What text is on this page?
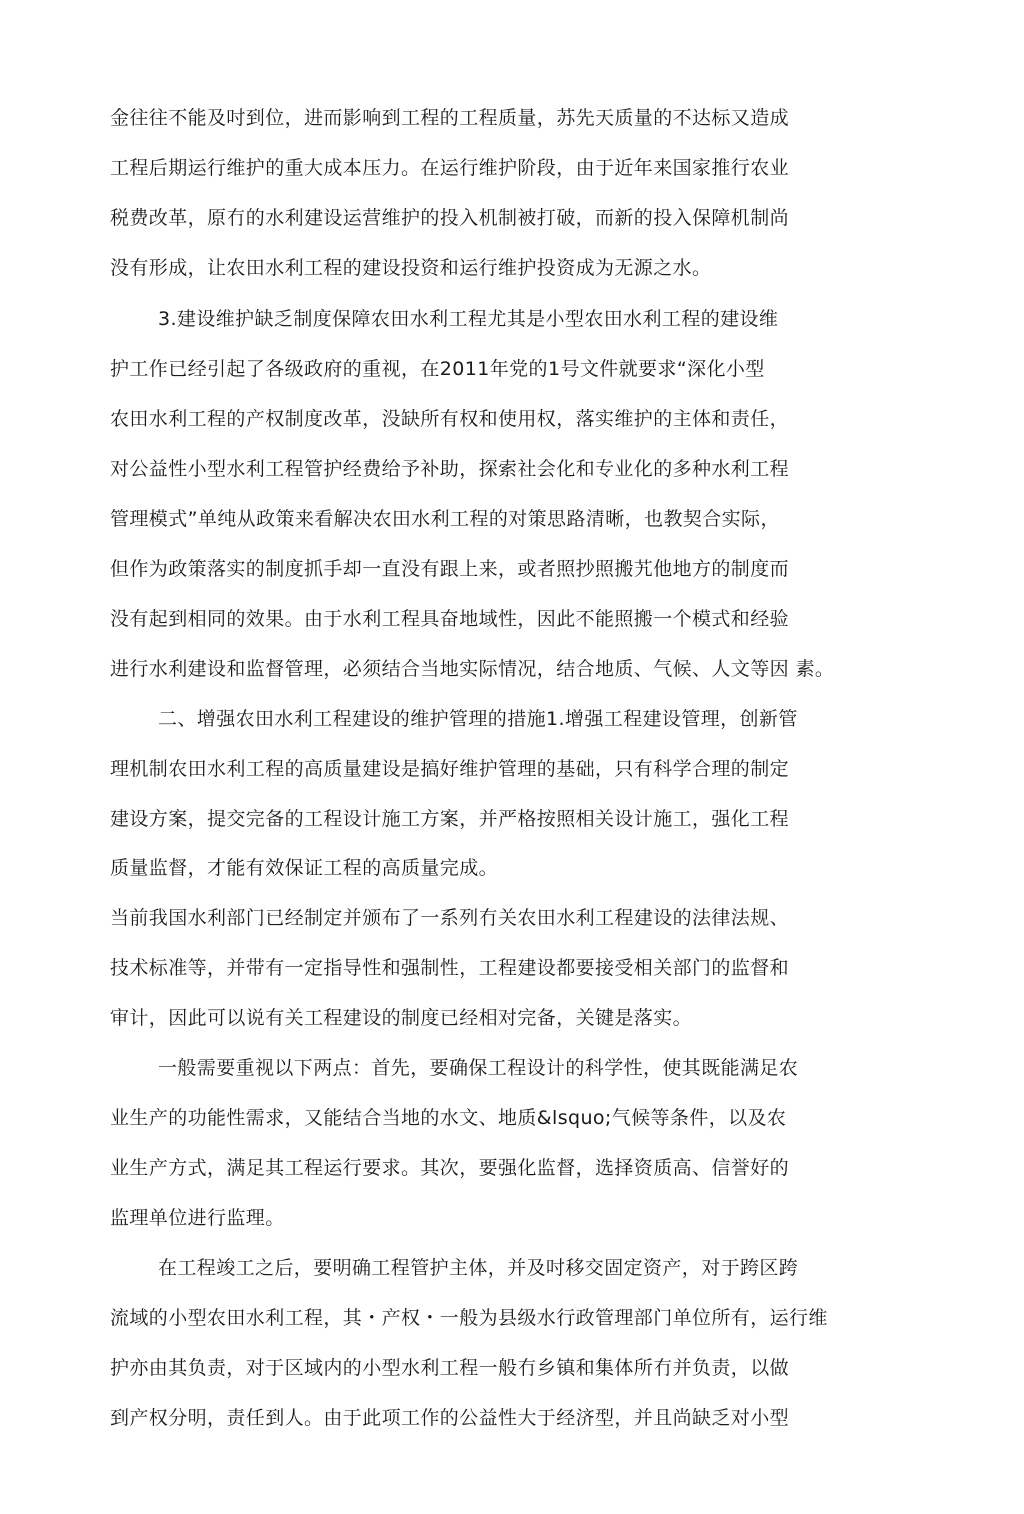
金往往不能及吋到位，进而影响到工程的工程质量，苏先天质量的不达标又造成
工程后期运行维护的重大成本压力。在运行维护阶段，由于近年来国家推行农业
税费改革，原冇的水利建设运营维护的投入机制被打破，而新的投入保障机制尚
没有形成，让农田水利工程的建设投资和运行维护投资成为无源之水。
3.建设维护缺乏制度保障农田水利工程尤其是小型农田水利工程的建设维
护工作已经引起了各级政府的重视，在2011年党的1号文件就要求“深化小型
农田水利工程的产权制度改革，没缺所有权和使用权，落实维护的主体和责任，
对公益性小型水利工程管护经费给予补助，探索社会化和专业化的多种水利工程
管理模式”单纯从政策来看解决农田水利工程的对策思路清晰，也教契合实际，
但作为政策落实的制度抓手却一直没有跟上来，或者照抄照搬艽他地方的制度而
没有起到相同的效果。由于水利工程具奋地域性，因此不能照搬一个模式和经验
进行水利建设和监督管理，必须结合当地实际情况，结合地质、气候、人文等因 素。
二、增强农田水利工程建设的维护管理的措施1.增强工程建设管理，创新管
理机制农田水利工程的高质量建设是搞好维护管理的基础，只有科学合理的制定
建设方案，提交完备的工程设计施工方案，并严格按照相关设计施工，强化工程
质量监督，才能有效保证工程的高质量完成。
当前我国水利部门已经制定并颁布了一系列冇关农田水利工程建设的法律法规、
技术标准等，并带有一定指导性和强制性，工程建设都要接受相关部门的监督和
审计，因此可以说有关工程建设的制度已经相对完备，关键是落实。
一般需要重视以下两点：首先，要确保工程设计的科学性，使其既能满足农
业生产的功能性需求，又能结合当地的水文、地质&lsquo;气候等条件，以及农
业生产方式，满足其工程运行要求。其次，要强化监督，选择资质高、信誉好的
监理单位进行监理。
在工程竣工之后，要明确工程管护主体，并及吋移交固定资产，对于跨区跨
流域的小型农田水利工程，其・产权・一般为县级水行政管理部门单位所有，运行维
护亦由其负责，对于区域内的小型水利工程一般冇乡镇和集体所冇并负责，以做
到产权分明，责任到人。由于此项工作的公益性大于经济型，并且尚缺乏对小型
